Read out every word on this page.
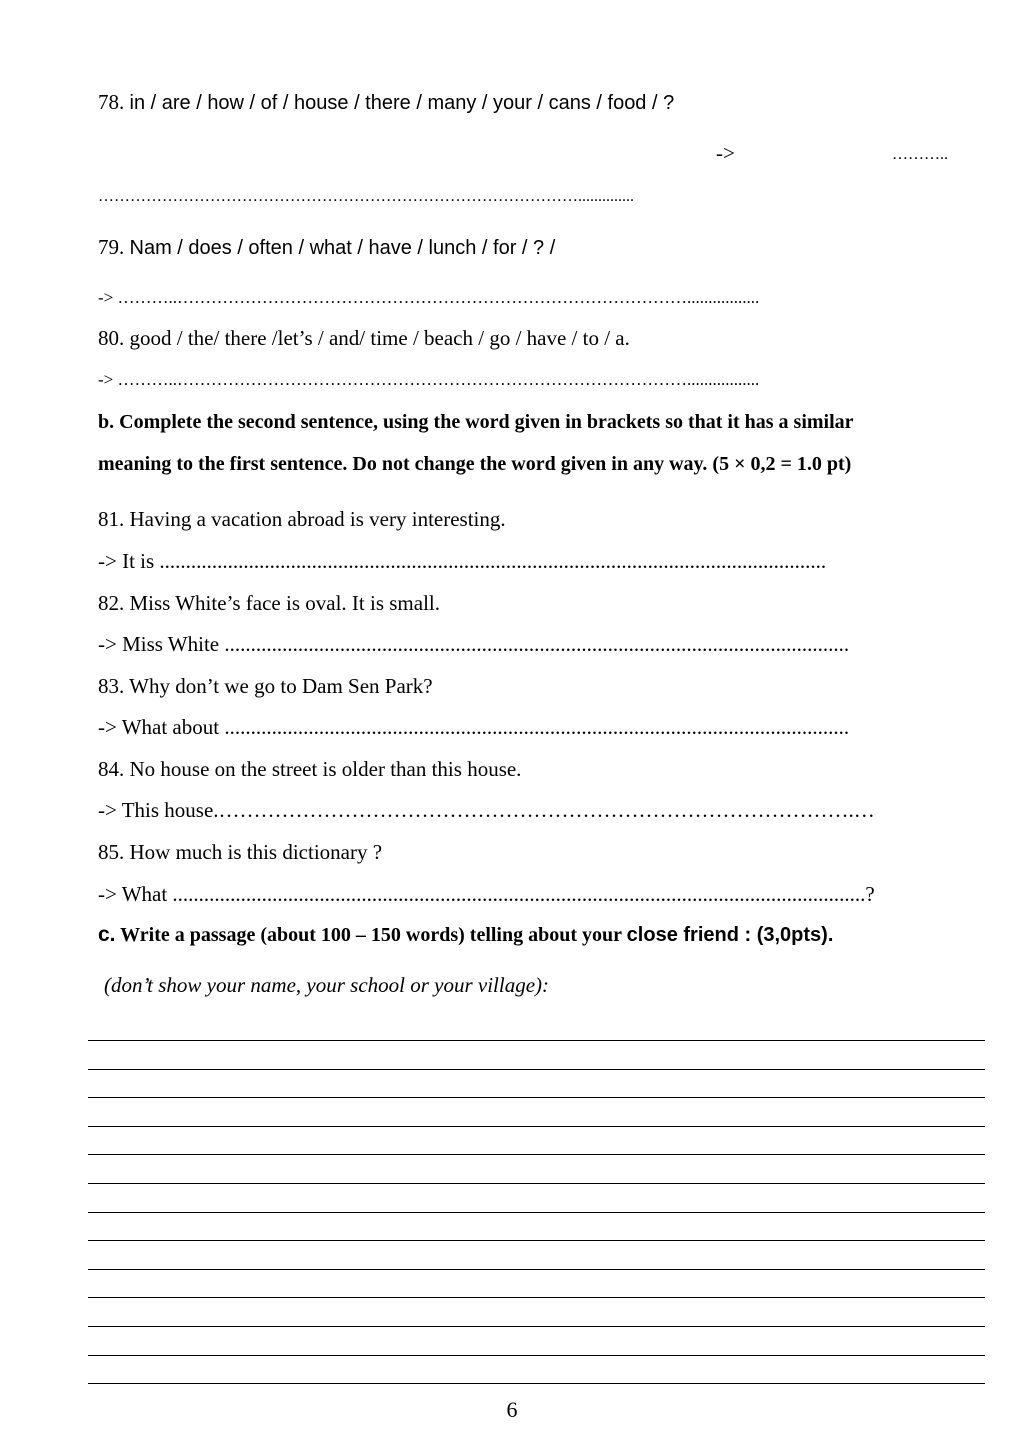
78. in / are / how / of / house / there / many / your / cans / food / ?
->	………..
………………………………………………………………………………..............
79. Nam / does / often / what / have / lunch / for / ? /
-> ………..……………………………………………………………………………….................
80. good / the/ there /let’s / and/ time / beach / go / have / to / a.
-> ………..……………………………………………………………………………….................
b. Complete the second sentence, using the word given in brackets so that it has a similar
meaning to the first sentence. Do not change the word given in any way. (5 × 0,2 = 1.0 pt)
81. Having a vacation abroad is very interesting.
-> It is ...............................................................................................................................
82. Miss White’s face is oval. It is small.
-> Miss White .......................................................................................................................
83. Why don’t we go to Dam Sen Park?
-> What about .......................................................................................................................
84. No house on the street is older than this house.
-> This house.……………………………………………………………………………….…
85. How much is this dictionary ?
-> What ....................................................................................................................................?
c. Write a passage (about 100 – 150 words) telling about your close friend : (3,0pts).
(don’t show your name, your school or your village):
6
